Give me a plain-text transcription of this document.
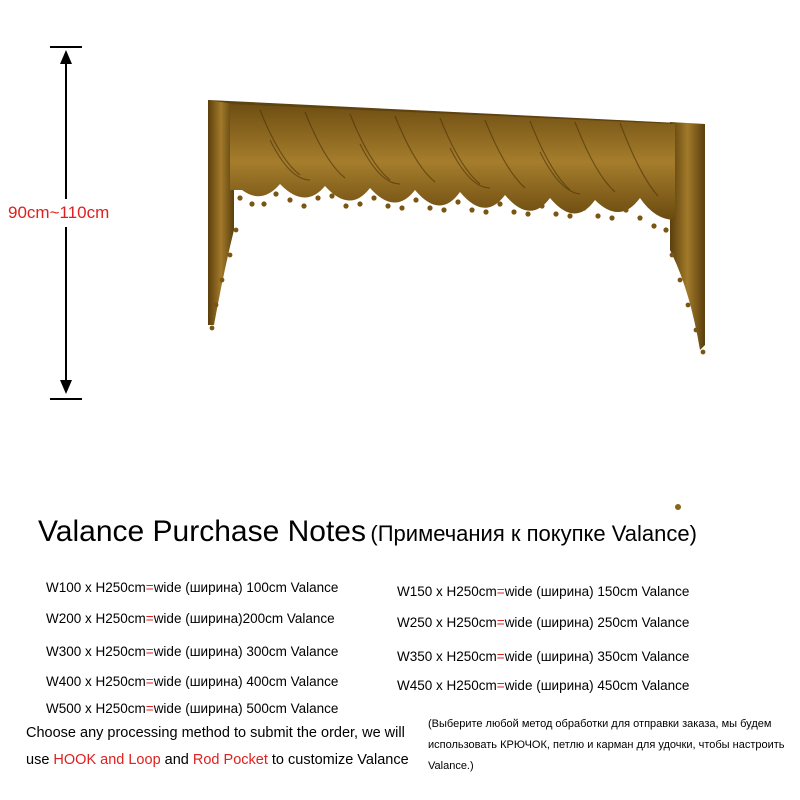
90cm~110cm
Valance Purchase Notes (Примечания к покупке Valance)
W100 x H250cm=wide (ширина) 100cm Valance
W200 x H250cm=wide (ширина)200cm Valance
W300 x H250cm=wide (ширина) 300cm Valance
W400 x H250cm=wide (ширина) 400cm Valance
W500 x H250cm=wide (ширина) 500cm Valance
W150 x H250cm=wide (ширина) 150cm Valance
W250 x H250cm=wide (ширина) 250cm Valance
W350 x H250cm=wide (ширина) 350cm Valance
W450 x H250cm=wide (ширина) 450cm Valance
Choose any processing method to submit the order, we will use HOOK and Loop and Rod Pocket to customize Valance
(Выберите любой метод обработки для отправки заказа, мы будем использовать КРЮЧОК, петлю и карман для удочки, чтобы настроить Valance.)
